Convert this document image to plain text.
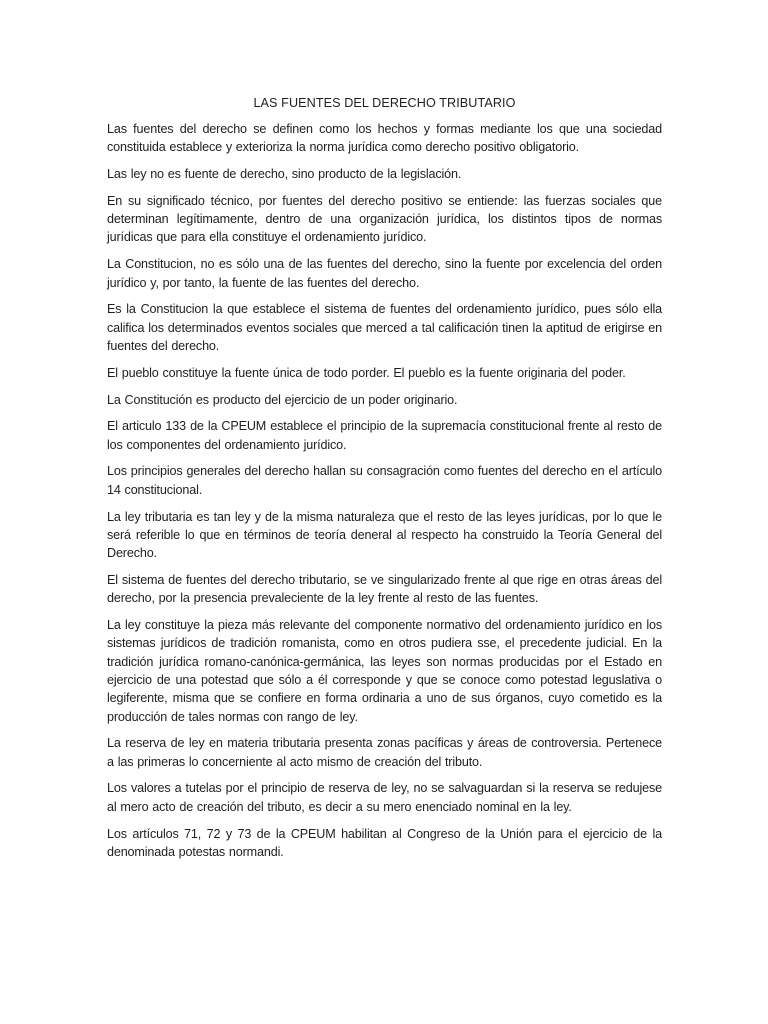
LAS FUENTES DEL DERECHO TRIBUTARIO

Las fuentes del derecho se definen como los hechos y formas mediante los que una sociedad constituida establece y exterioriza la norma jurídica como derecho positivo obligatorio.

Las ley no es fuente de derecho, sino producto de la legislación.

En su significado técnico, por fuentes del derecho positivo se entiende: las fuerzas sociales que determinan legítimamente, dentro de una organización jurídica, los distintos tipos de normas jurídicas que para ella constituye el ordenamiento jurídico.

La Constitucion, no es sólo una de las fuentes del derecho, sino la fuente por excelencia del orden jurídico y, por tanto, la fuente de las fuentes del derecho.

Es la Constitucion la que establece el sistema de fuentes del ordenamiento jurídico, pues sólo ella califica los determinados eventos sociales que merced a tal calificación tinen la aptitud de erigirse en fuentes del derecho.

El pueblo constituye la fuente única de todo porder. El pueblo es la fuente originaria del poder.

La Constitución es producto del ejercicio de un poder originario.

El articulo 133 de la CPEUM establece el principio de la supremacía constitucional frente al resto de los componentes del ordenamiento jurídico.

Los principios generales del derecho hallan su consagración como fuentes del derecho en el artículo 14 constitucional.

La ley tributaria es tan ley y de la misma naturaleza que el resto de las leyes jurídicas, por lo que le será referible lo que en términos de teoría deneral al respecto ha construido la Teoría General del Derecho.

El sistema de fuentes del derecho tributario, se ve singularizado frente al que rige en otras áreas del derecho, por la presencia prevaleciente de la ley frente al resto de las fuentes.

La ley constituye la pieza más relevante del componente normativo del ordenamiento jurídico en los sistemas jurídicos de tradición romanista, como en otros pudiera sse, el precedente judicial. En la tradición jurídica romano-canónica-germánica, las leyes son normas producidas por el Estado en ejercicio de una potestad que sólo a él corresponde y que se conoce como potestad leguslativa o legiferente, misma que se confiere en forma ordinaria a uno de sus órganos, cuyo cometido es la producción de tales normas con rango de ley.

La reserva de ley en materia tributaria presenta zonas pacíficas y áreas de controversia. Pertenece a las primeras lo concerniente al acto mismo de creación del tributo.

Los valores a tutelas por el principio de reserva de ley, no se salvaguardan si la reserva se redujese al mero acto de creación del tributo, es decir a su mero enenciado nominal en la ley.

Los artículos 71, 72 y 73 de la CPEUM habilitan al Congreso de la Unión para el ejercicio de la denominada potestas normandi.
